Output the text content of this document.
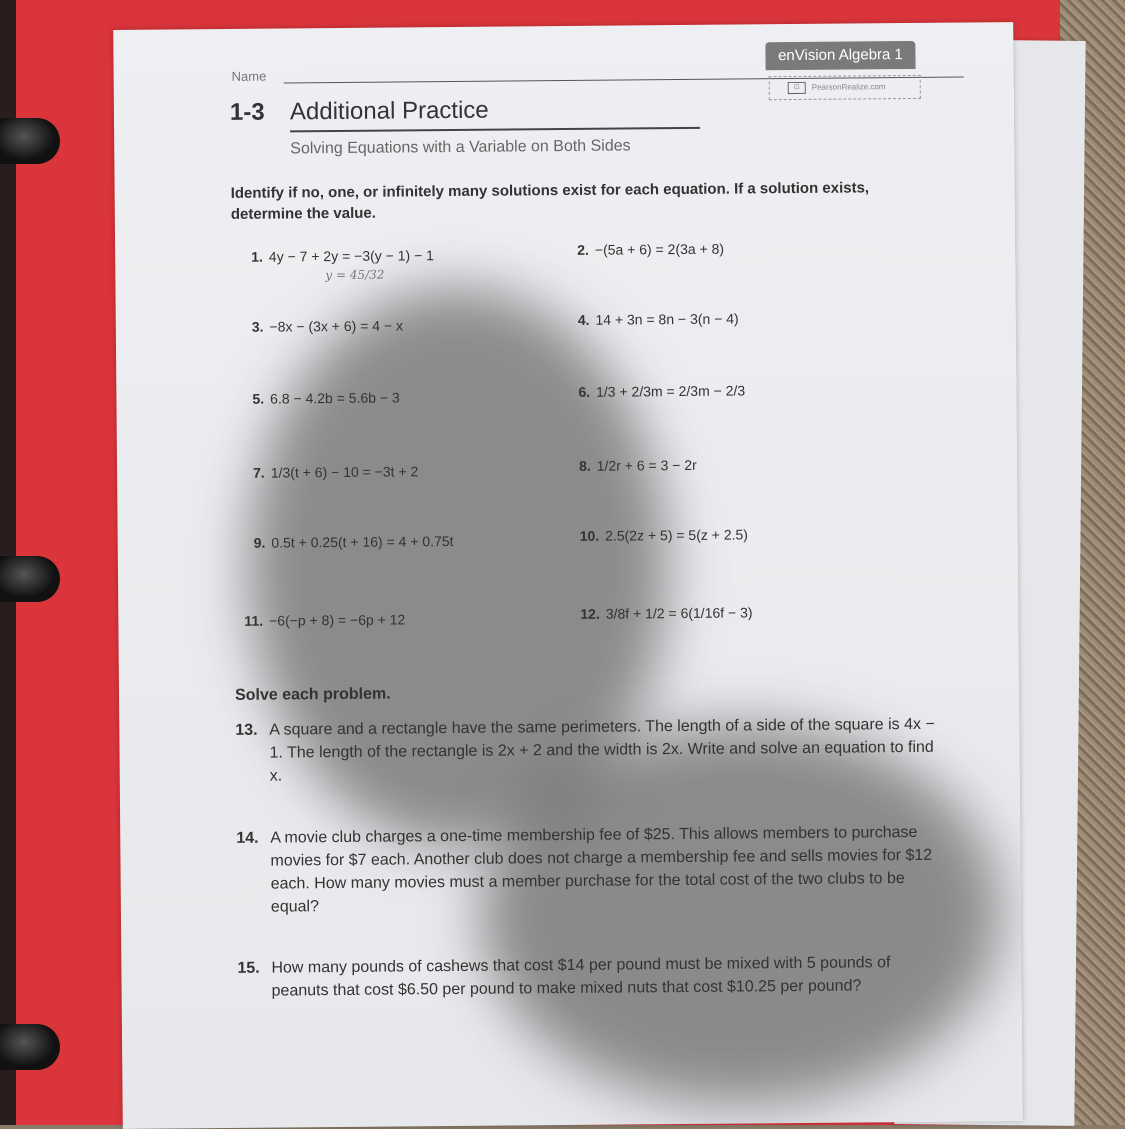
Name
enVision Algebra 1
⊡ PearsonRealize.com
1-3 Additional Practice
Solving Equations with a Variable on Both Sides
Identify if no, one, or infinitely many solutions exist for each equation. If a solution exists, determine the value.
y = 45/32
1. 4y − 7 + 2y = −3(y − 1) − 1	2. −(5a + 6) = 2(3a + 8)
3. −8x − (3x + 6) = 4 − x	4. 14 + 3n = 8n − 3(n − 4)
5. 6.8 − 4.2b = 5.6b − 3	6. 1/3 + 2/3m = 2/3m − 2/3
7. 1/3(t + 6) − 10 = −3t + 2	8. 1/2r + 6 = 3 − 2r
9. 0.5t + 0.25(t + 16) = 4 + 0.75t	10. 2.5(2z + 5) = 5(z + 2.5)
11. −6(−p + 8) = −6p + 12	12. 3/8f + 1/2 = 6(1/16f − 3)
Solve each problem.
13. A square and a rectangle have the same perimeters. The length of a side of the square is 4x − 1. The length of the rectangle is 2x + 2 and the width is 2x. Write and solve an equation to find x.
14. A movie club charges a one-time membership fee of $25. This allows members to purchase movies for $7 each. Another club does not charge a membership fee and sells movies for $12 each. How many movies must a member purchase for the total cost of the two clubs to be equal?
15. How many pounds of cashews that cost $14 per pound must be mixed with 5 pounds of peanuts that cost $6.50 per pound to make mixed nuts that cost $10.25 per pound?
